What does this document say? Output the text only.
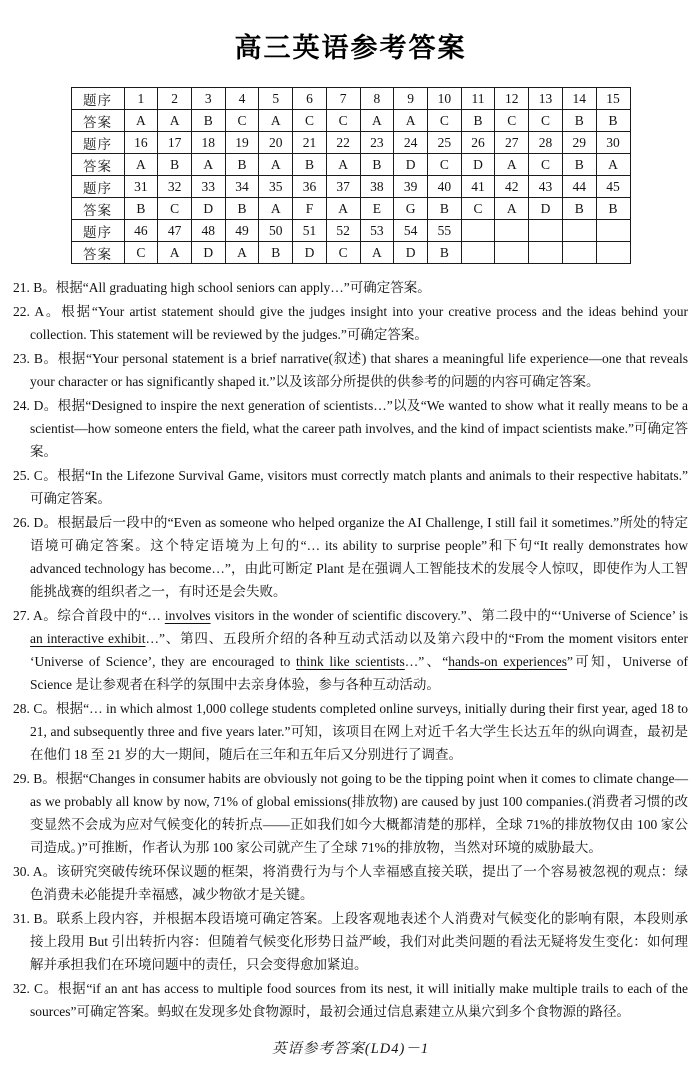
高三英语参考答案
题序	1	2	3	4	5	6	7	8	9	10	11	12	13	14	15
答案	A	A	B	C	A	C	C	A	A	C	B	C	C	B	B
题序	16	17	18	19	20	21	22	23	24	25	26	27	28	29	30
答案	A	B	A	B	A	B	A	B	D	C	D	A	C	B	A
题序	31	32	33	34	35	36	37	38	39	40	41	42	43	44	45
答案	B	C	D	B	A	F	A	E	G	B	C	A	D	B	B
题序	46	47	48	49	50	51	52	53	54	55					
答案	C	A	D	A	B	D	C	A	D	B					

21. B。根据“All graduating high school seniors can apply…”可确定答案。

22. A。根据“Your artist statement should give the judges insight into your creative process and the ideas behind your collection. This statement will be reviewed by the judges.”可确定答案。

23. B。根据“Your personal statement is a brief narrative(叙述) that shares a meaningful life experience—one that reveals your character or has significantly shaped it.”以及该部分所提供的供参考的问题的内容可确定答案。

24. D。根据“Designed to inspire the next generation of scientists…”以及“We wanted to show what it really means to be a scientist—how someone enters the field, what the career path involves, and the kind of impact scientists make.”可确定答案。

25. C。根据“In the Lifezone Survival Game, visitors must correctly match plants and animals to their respective habitats.”可确定答案。

26. D。根据最后一段中的“Even as someone who helped organize the AI Challenge, I still fail it sometimes.”所处的特定语境可确定答案。这个特定语境为上句的“… its ability to surprise people”和下句“It really demonstrates how advanced technology has become…”，由此可断定 Plant 是在强调人工智能技术的发展令人惊叹，即使作为人工智能挑战赛的组织者之一，有时还是会失败。

27. A。综合首段中的“… involves visitors in the wonder of scientific discovery.”、第二段中的“‘Universe of Science’ is an interactive exhibit…”、第四、五段所介绍的各种互动式活动以及第六段中的“From the moment visitors enter ‘Universe of Science’, they are encouraged to think like scientists…”、“hands-on experiences”可知，Universe of Science 是让参观者在科学的氛围中去亲身体验，参与各种互动活动。

28. C。根据“… in which almost 1,000 college students completed online surveys, initially during their first year, aged 18 to 21, and subsequently three and five years later.”可知，该项目在网上对近千名大学生长达五年的纵向调查，最初是在他们 18 至 21 岁的大一期间，随后在三年和五年后又分别进行了调查。

29. B。根据“Changes in consumer habits are obviously not going to be the tipping point when it comes to climate change—as we probably all know by now, 71% of global emissions(排放物) are caused by just 100 companies.(消费者习惯的改变显然不会成为应对气候变化的转折点——正如我们如今大概都清楚的那样，全球 71%的排放物仅由 100 家公司造成。)”可推断，作者认为那 100 家公司就产生了全球 71%的排放物，当然对环境的威胁最大。

30. A。该研究突破传统环保议题的框架，将消费行为与个人幸福感直接关联，提出了一个容易被忽视的观点：绿色消费未必能提升幸福感，减少物欲才是关键。

31. B。联系上段内容，并根据本段语境可确定答案。上段客观地表述个人消费对气候变化的影响有限，本段则承接上段用 But 引出转折内容：但随着气候变化形势日益严峻，我们对此类问题的看法无疑将发生变化：如何理解并承担我们在环境问题中的责任，只会变得愈加紧迫。

32. C。根据“if an ant has access to multiple food sources from its nest, it will initially make multiple trails to each of the sources”可确定答案。蚂蚁在发现多处食物源时，最初会通过信息素建立从巢穴到多个食物源的路径。

英语参考答案(LD4)－1
